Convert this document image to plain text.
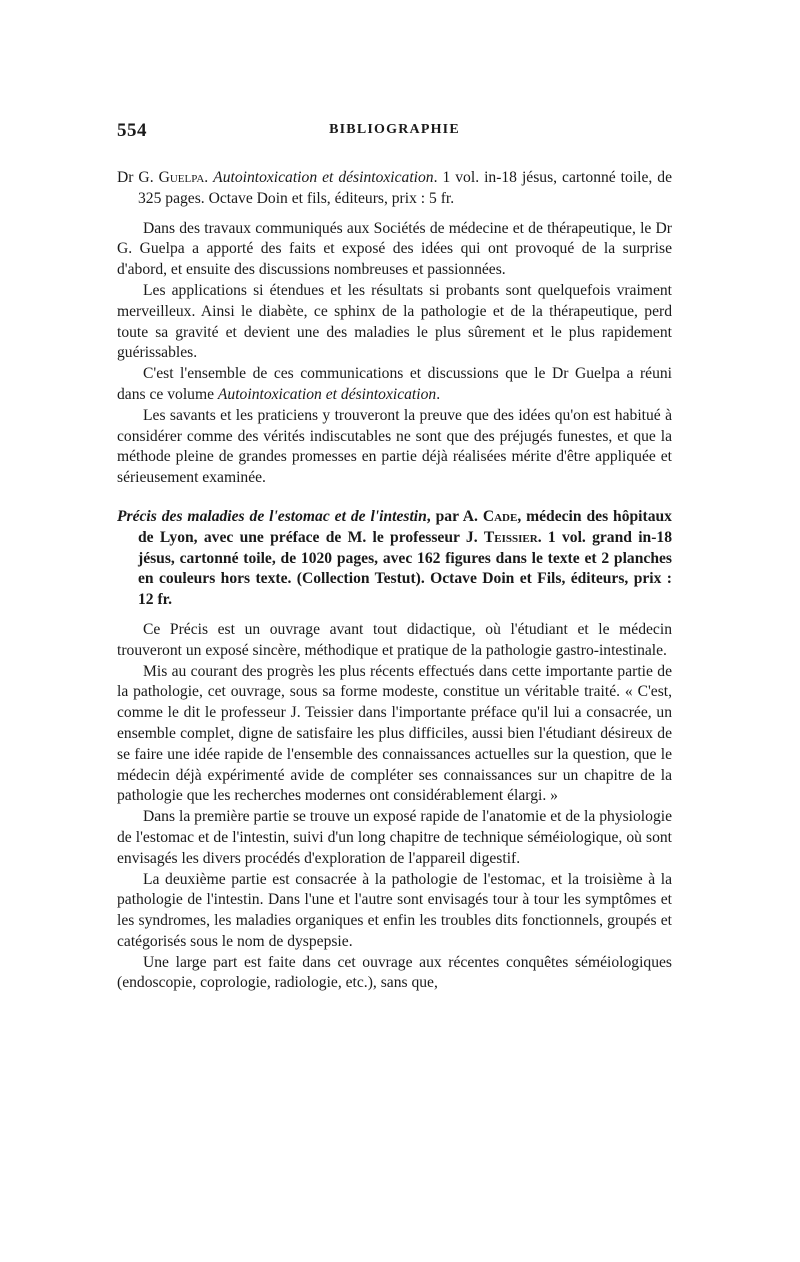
554	BIBLIOGRAPHIE

Dr G. Guelpa. Autointoxication et désintoxication. 1 vol. in-18 jésus, cartonné toile, de 325 pages. Octave Doin et fils, éditeurs, prix : 5 fr.

Dans des travaux communiqués aux Sociétés de médecine et de thérapeutique, le Dr G. Guelpa a apporté des faits et exposé des idées qui ont provoqué de la surprise d'abord, et ensuite des discussions nombreuses et passionnées.

Les applications si étendues et les résultats si probants sont quelquefois vraiment merveilleux. Ainsi le diabète, ce sphinx de la pathologie et de la thérapeutique, perd toute sa gravité et devient une des maladies le plus sûrement et le plus rapidement guérissables.

C'est l'ensemble de ces communications et discussions que le Dr Guelpa a réuni dans ce volume Autointoxication et désintoxication.

Les savants et les praticiens y trouveront la preuve que des idées qu'on est habitué à considérer comme des vérités indiscutables ne sont que des préjugés funestes, et que la méthode pleine de grandes promesses en partie déjà réalisées mérite d'être appliquée et sérieusement examinée.

Précis des maladies de l'estomac et de l'intestin, par A. Cade, médecin des hôpitaux de Lyon, avec une préface de M. le professeur J. Teissier. 1 vol. grand in-18 jésus, cartonné toile, de 1020 pages, avec 162 figures dans le texte et 2 planches en couleurs hors texte. (Collection Testut). Octave Doin et Fils, éditeurs, prix : 12 fr.

Ce Précis est un ouvrage avant tout didactique, où l'étudiant et le médecin trouveront un exposé sincère, méthodique et pratique de la pathologie gastro-intestinale.

Mis au courant des progrès les plus récents effectués dans cette importante partie de la pathologie, cet ouvrage, sous sa forme modeste, constitue un véritable traité. « C'est, comme le dit le professeur J. Teissier dans l'importante préface qu'il lui a consacrée, un ensemble complet, digne de satisfaire les plus difficiles, aussi bien l'étudiant désireux de se faire une idée rapide de l'ensemble des connaissances actuelles sur la question, que le médecin déjà expérimenté avide de compléter ses connaissances sur un chapitre de la pathologie que les recherches modernes ont considérablement élargi. »

Dans la première partie se trouve un exposé rapide de l'anatomie et de la physiologie de l'estomac et de l'intestin, suivi d'un long chapitre de technique séméiologique, où sont envisagés les divers procédés d'exploration de l'appareil digestif.

La deuxième partie est consacrée à la pathologie de l'estomac, et la troisième à la pathologie de l'intestin. Dans l'une et l'autre sont envisagés tour à tour les symptômes et les syndromes, les maladies organiques et enfin les troubles dits fonctionnels, groupés et catégorisés sous le nom de dyspepsie.

Une large part est faite dans cet ouvrage aux récentes conquêtes séméiologiques (endoscopie, coprologie, radiologie, etc.), sans que,
